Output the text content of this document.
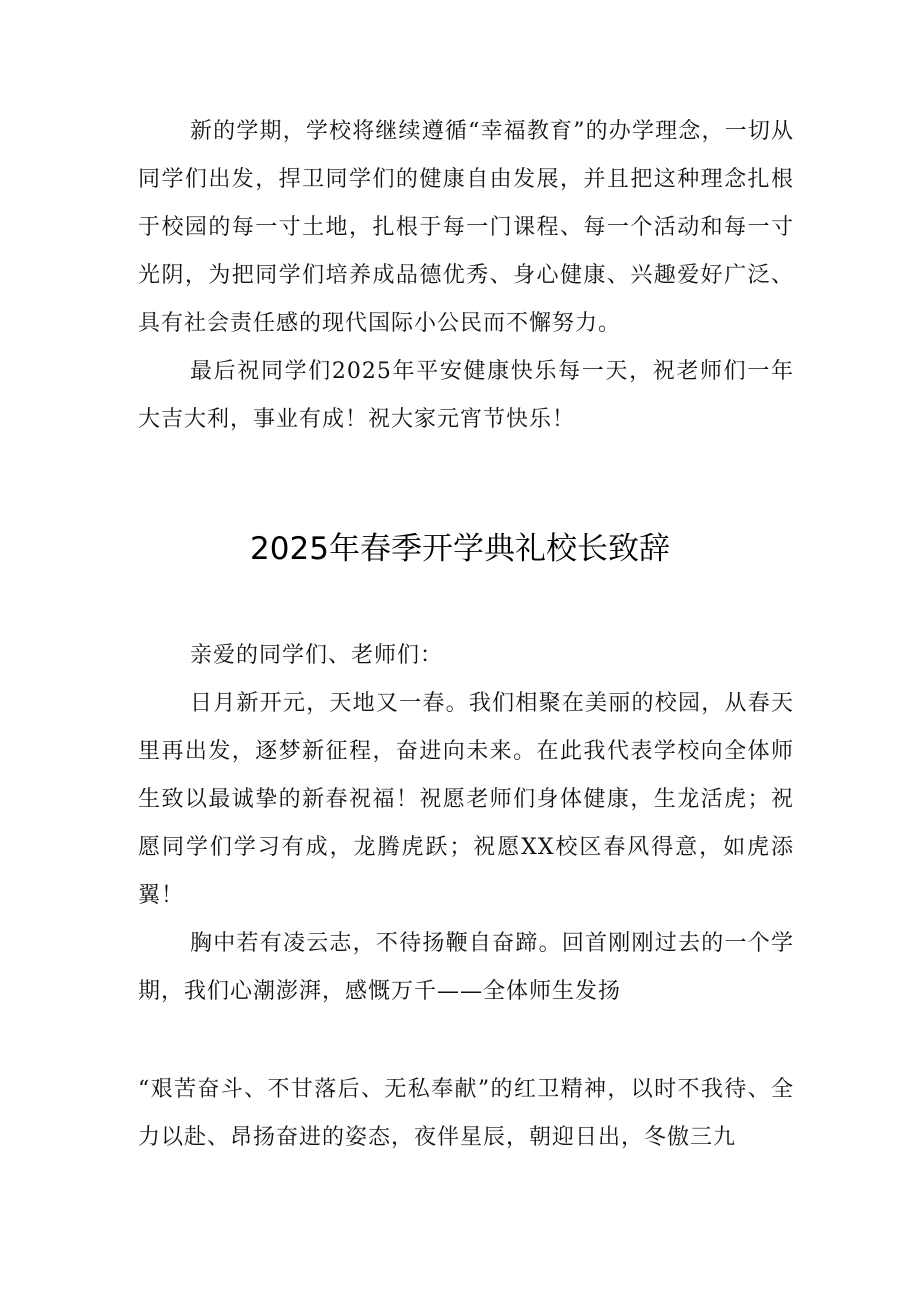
新的学期，学校将继续遵循“幸福教育”的办学理念，一切从同学们出发，捍卫同学们的健康自由发展，并且把这种理念扎根于校园的每一寸土地，扎根于每一门课程、每一个活动和每一寸光阴，为把同学们培养成品德优秀、身心健康、兴趣爱好广泛、具有社会责任感的现代国际小公民而不懈努力。

最后祝同学们2025年平安健康快乐每一天，祝老师们一年大吉大利，事业有成！祝大家元宵节快乐！

2025年春季开学典礼校长致辞

亲爱的同学们、老师们：

日月新开元，天地又一春。我们相聚在美丽的校园，从春天里再出发，逐梦新征程，奋进向未来。在此我代表学校向全体师生致以最诚挚的新春祝福！祝愿老师们身体健康，生龙活虎；祝愿同学们学习有成，龙腾虎跃；祝愿XX校区春风得意，如虎添翼！

胸中若有凌云志，不待扬鞭自奋蹄。回首刚刚过去的一个学期，我们心潮澎湃，感慨万千——全体师生发扬

“艰苦奋斗、不甘落后、无私奉献”的红卫精神，以时不我待、全力以赴、昂扬奋进的姿态，夜伴星辰，朝迎日出，冬傲三九
